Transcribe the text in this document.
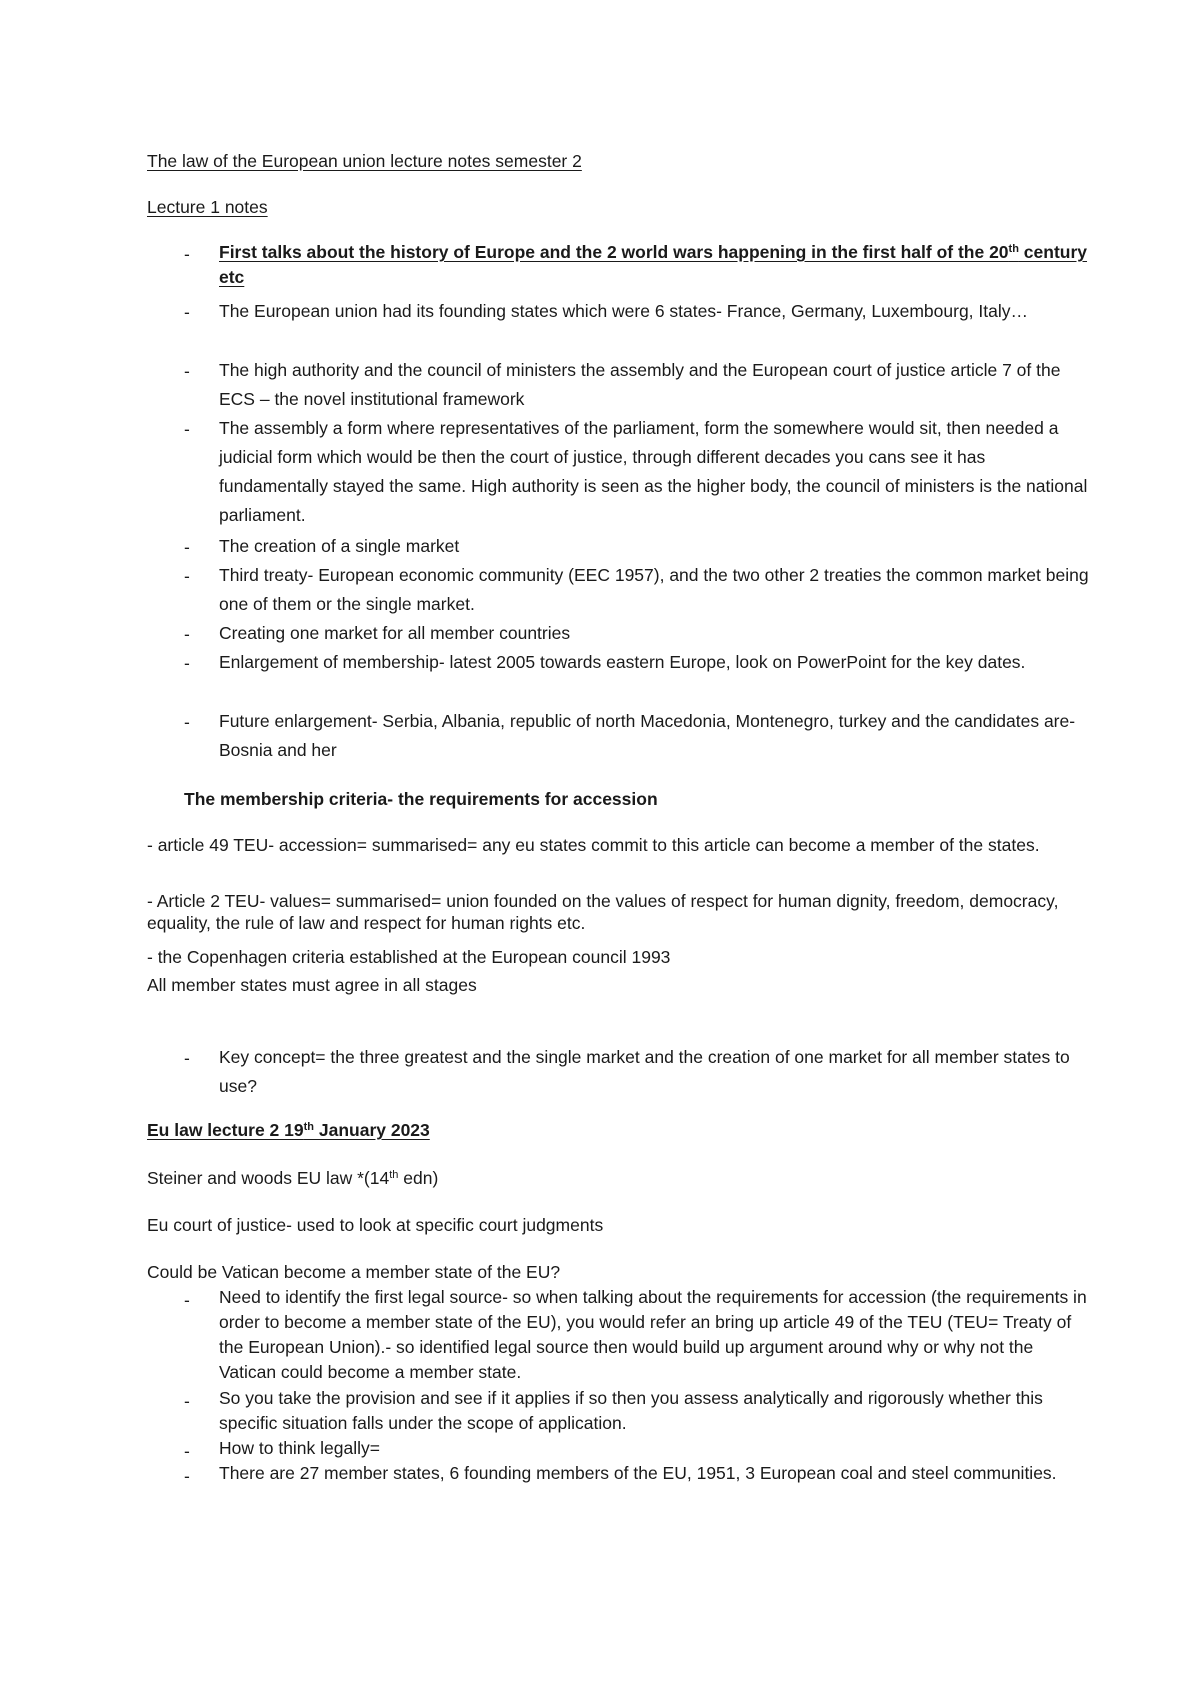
The law of the European union lecture notes semester 2
Lecture 1 notes
- First talks about the history of Europe and the 2 world wars happening in the first half of the 20th century etc
- The European union had its founding states which were 6 states- France, Germany, Luxembourg, Italy…
- The high authority and the council of ministers the assembly and the European court of justice article 7 of the ECS – the novel institutional framework
- The assembly a form where representatives of the parliament, form the somewhere would sit, then needed a judicial form which would be then the court of justice, through different decades you cans see it has fundamentally stayed the same. High authority is seen as the higher body, the council of ministers is the national parliament.
- The creation of a single market
- Third treaty- European economic community (EEC 1957), and the two other 2 treaties the common market being one of them or the single market.
- Creating one market for all member countries
- Enlargement of membership- latest 2005 towards eastern Europe, look on PowerPoint for the key dates.
- Future enlargement- Serbia, Albania, republic of north Macedonia, Montenegro, turkey and the candidates are- Bosnia and her
The membership criteria- the requirements for accession
- article 49 TEU- accession= summarised= any eu states commit to this article can become a member of the states.
- Article 2 TEU- values= summarised= union founded on the values of respect for human dignity, freedom, democracy, equality, the rule of law and respect for human rights etc.
- the Copenhagen criteria established at the European council 1993
All member states must agree in all stages
- Key concept= the three greatest and the single market and the creation of one market for all member states to use?
Eu law lecture 2 19th January 2023
Steiner and woods EU law *(14th edn)
Eu court of justice- used to look at specific court judgments
Could be Vatican become a member state of the EU?
- Need to identify the first legal source- so when talking about the requirements for accession (the requirements in order to become a member state of the EU), you would refer an bring up article 49 of the TEU (TEU= Treaty of the European Union).- so identified legal source then would build up argument around why or why not the Vatican could become a member state.
- So you take the provision and see if it applies if so then you assess analytically and rigorously whether this specific situation falls under the scope of application.
- How to think legally=
- There are 27 member states, 6 founding members of the EU, 1951, 3 European coal and steel communities.
